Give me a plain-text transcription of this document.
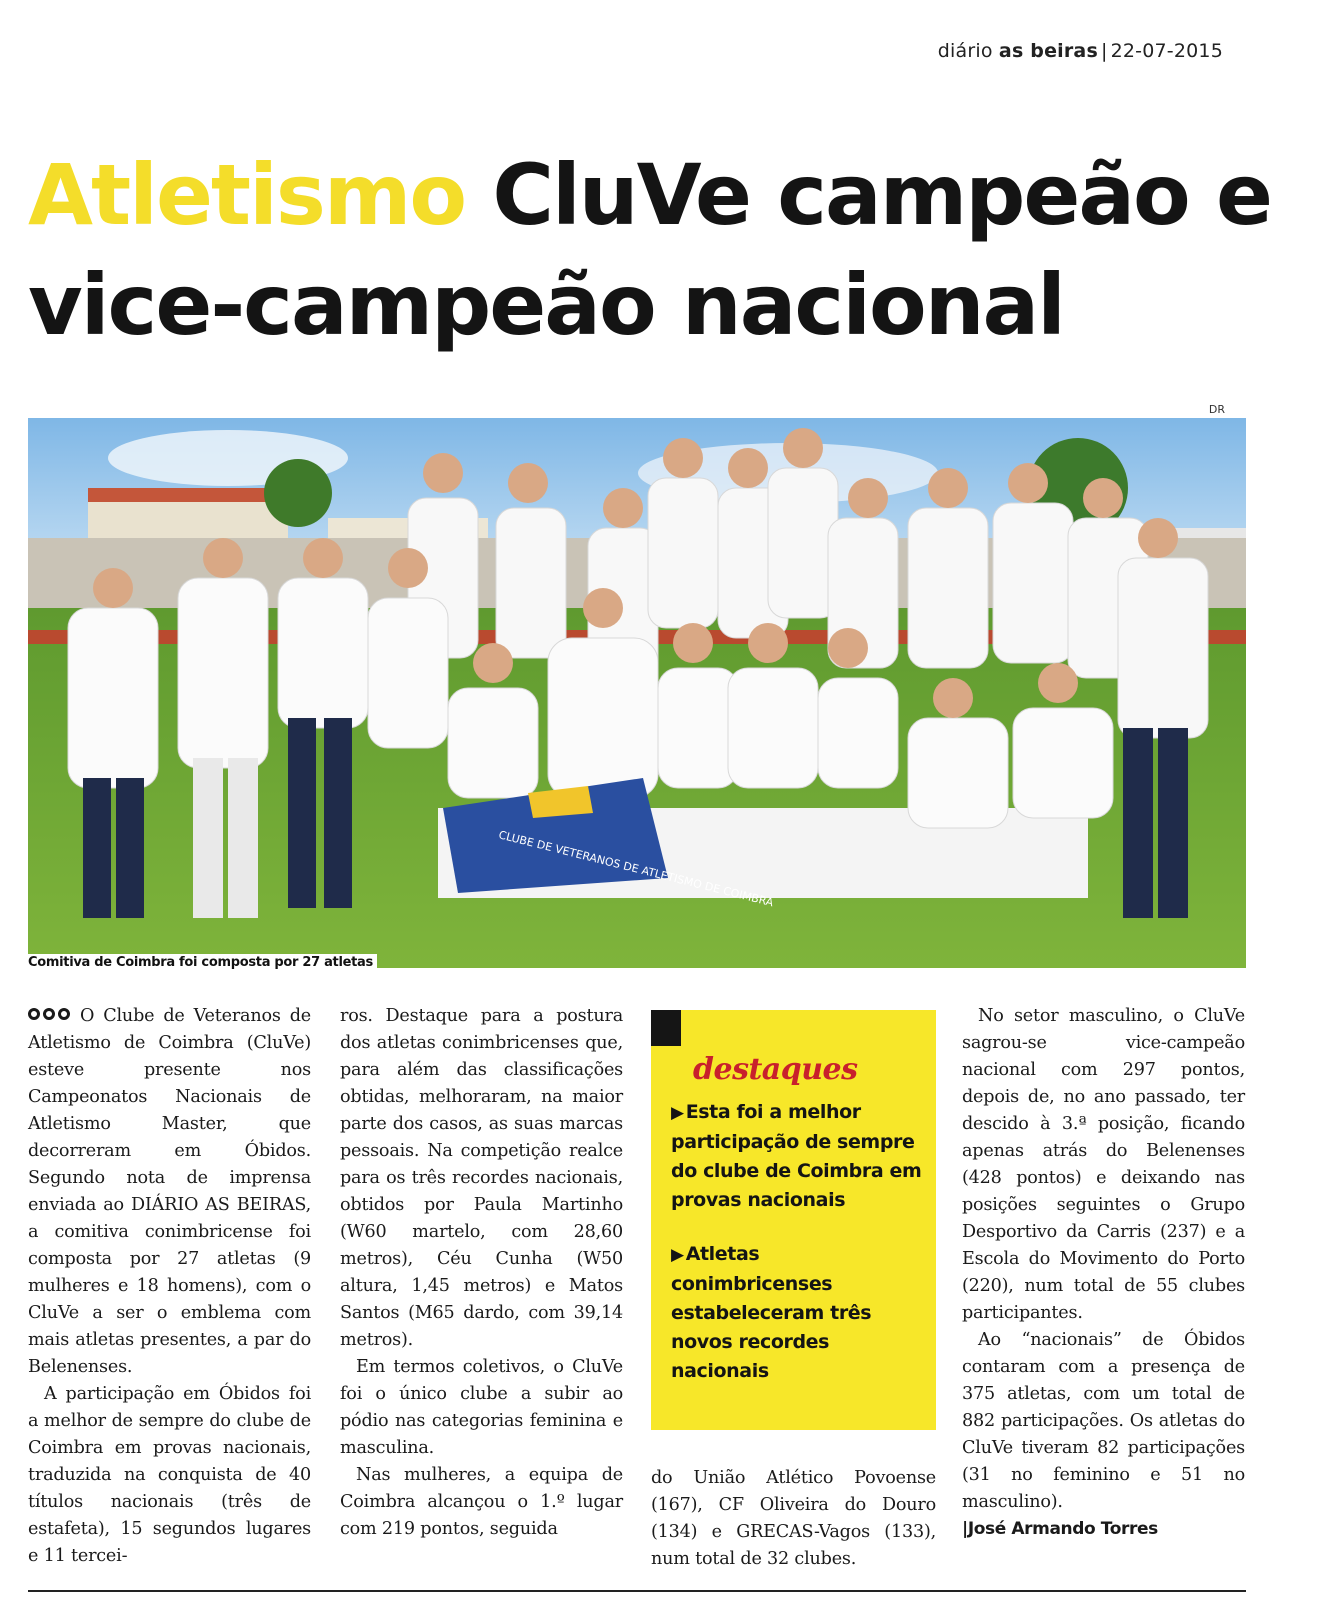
diário as beiras | 22-07-2015
Atletismo CluVe campeão e vice-campeão nacional
DR
CLUBE DE VETERANOS DE ATLETISMO DE COIMBRA
Comitiva de Coimbra foi composta por 27 atletas

O Clube de Veteranos de Atletismo de Coimbra (CluVe) esteve presente nos Campeonatos Nacionais de Atletismo Master, que decorreram em Óbidos. Segundo nota de imprensa enviada ao DIÁRIO AS BEIRAS, a comitiva conimbricense foi composta por 27 atletas (9 mulheres e 18 homens), com o CluVe a ser o emblema com mais atletas presentes, a par do Belenenses.

A participação em Óbidos foi a melhor de sempre do clube de Coimbra em provas nacionais, traduzida na conquista de 40 títulos nacionais (três de estafeta), 15 segundos lugares e 11 tercei-

ros. Destaque para a postura dos atletas conimbricenses que, para além das classificações obtidas, melhoraram, na maior parte dos casos, as suas marcas pessoais. Na competição realce para os três recordes nacionais, obtidos por Paula Martinho (W60 martelo, com 28,60 metros), Céu Cunha (W50 altura, 1,45 metros) e Matos Santos (M65 dardo, com 39,14 metros).

Em termos coletivos, o CluVe foi o único clube a subir ao pódio nas categorias feminina e masculina.

Nas mulheres, a equipa de Coimbra alcançou o 1.º lugar com 219 pontos, seguida

destaques
▶ Esta foi a melhor participação de sempre do clube de Coimbra em provas nacionais
▶ Atletas conimbricenses estabeleceram três novos recordes nacionais

do União Atlético Povoense (167), CF Oliveira do Douro (134) e GRECAS-Vagos (133), num total de 32 clubes.

No setor masculino, o CluVe sagrou-se vice-campeão nacional com 297 pontos, depois de, no ano passado, ter descido à 3.ª posição, ficando apenas atrás do Belenenses (428 pontos) e deixando nas posições seguintes o Grupo Desportivo da Carris (237) e a Escola do Movimento do Porto (220), num total de 55 clubes participantes.

Ao “nacionais” de Óbidos contaram com a presença de 375 atletas, com um total de 882 participações. Os atletas do CluVe tiveram 82 participações (31 no feminino e 51 no masculino).

|José Armando Torres
